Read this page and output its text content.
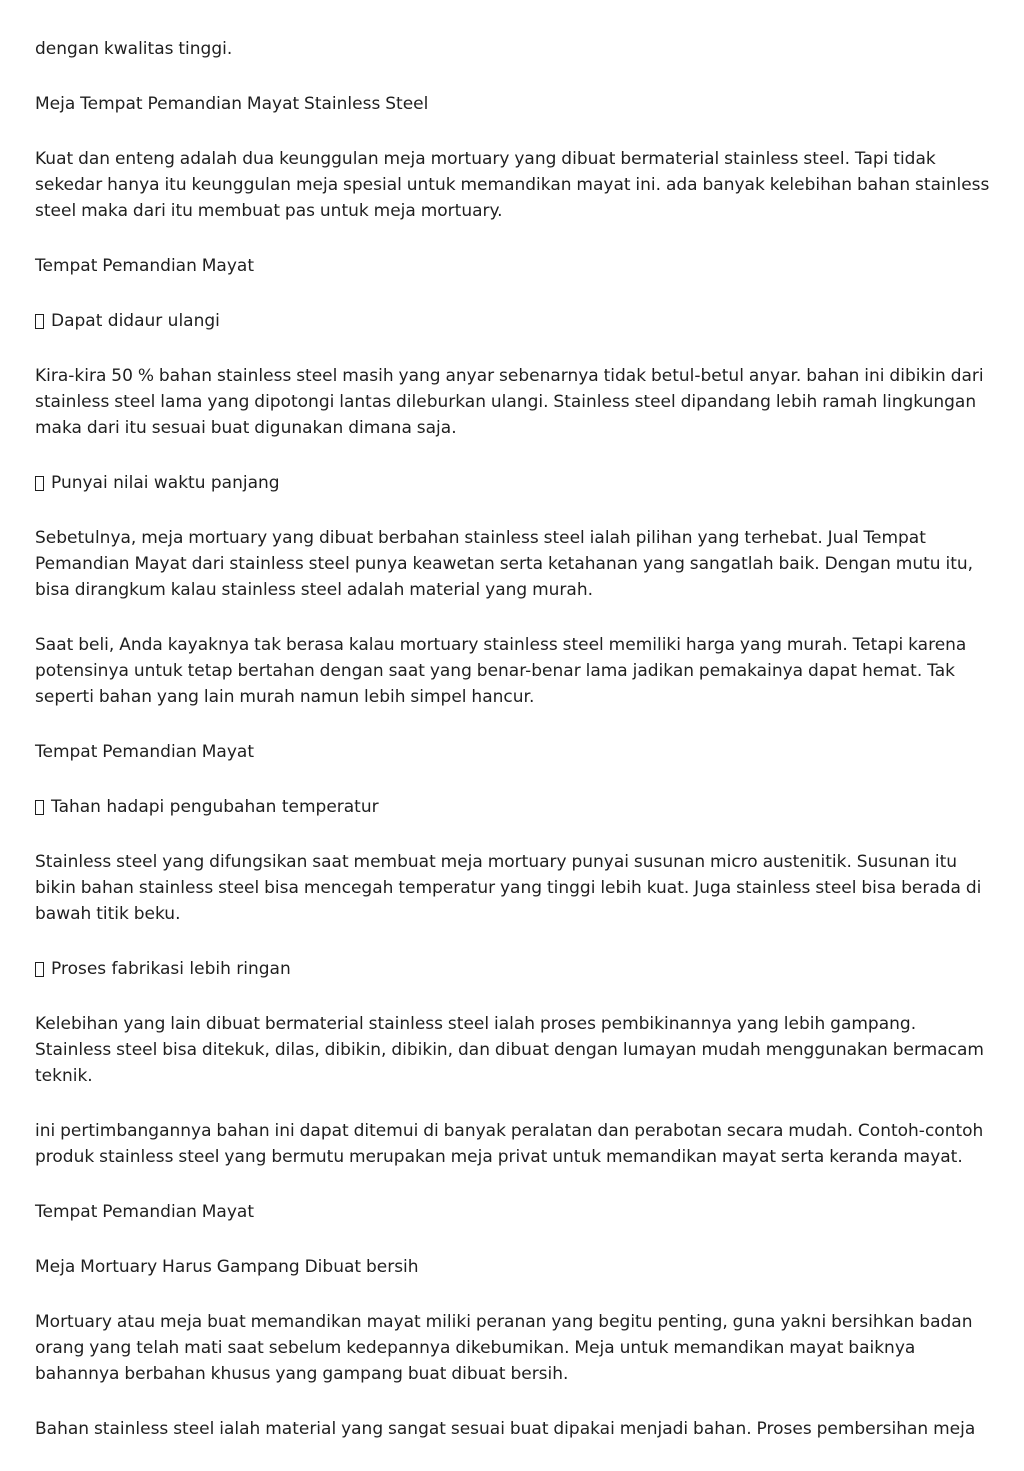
dengan kwalitas tinggi.

Meja Tempat Pemandian Mayat Stainless Steel

Kuat dan enteng adalah dua keunggulan meja mortuary yang dibuat bermaterial stainless steel. Tapi tidak sekedar hanya itu keunggulan meja spesial untuk memandikan mayat ini. ada banyak kelebihan bahan stainless steel maka dari itu membuat pas untuk meja mortuary.

Tempat Pemandian Mayat

Dapat didaur ulangi

Kira-kira 50 % bahan stainless steel masih yang anyar sebenarnya tidak betul-betul anyar. bahan ini dibikin dari stainless steel lama yang dipotongi lantas dileburkan ulangi. Stainless steel dipandang lebih ramah lingkungan maka dari itu sesuai buat digunakan dimana saja.

Punyai nilai waktu panjang

Sebetulnya, meja mortuary yang dibuat berbahan stainless steel ialah pilihan yang terhebat. Jual Tempat Pemandian Mayat dari stainless steel punya keawetan serta ketahanan yang sangatlah baik. Dengan mutu itu, bisa dirangkum kalau stainless steel adalah material yang murah.

Saat beli, Anda kayaknya tak berasa kalau mortuary stainless steel memiliki harga yang murah. Tetapi karena potensinya untuk tetap bertahan dengan saat yang benar-benar lama jadikan pemakainya dapat hemat. Tak seperti bahan yang lain murah namun lebih simpel hancur.

Tempat Pemandian Mayat

Tahan hadapi pengubahan temperatur

Stainless steel yang difungsikan saat membuat meja mortuary punyai susunan micro austenitik. Susunan itu bikin bahan stainless steel bisa mencegah temperatur yang tinggi lebih kuat. Juga stainless steel bisa berada di bawah titik beku.

Proses fabrikasi lebih ringan

Kelebihan yang lain dibuat bermaterial stainless steel ialah proses pembikinannya yang lebih gampang. Stainless steel bisa ditekuk, dilas, dibikin, dibikin, dan dibuat dengan lumayan mudah menggunakan bermacam teknik.

ini pertimbangannya bahan ini dapat ditemui di banyak peralatan dan perabotan secara mudah. Contoh-contoh produk stainless steel yang bermutu merupakan meja privat untuk memandikan mayat serta keranda mayat.

Tempat Pemandian Mayat

Meja Mortuary Harus Gampang Dibuat bersih

Mortuary atau meja buat memandikan mayat miliki peranan yang begitu penting, guna yakni bersihkan badan orang yang telah mati saat sebelum kedepannya dikebumikan. Meja untuk memandikan mayat baiknya bahannya berbahan khusus yang gampang buat dibuat bersih.

Bahan stainless steel ialah material yang sangat sesuai buat dipakai menjadi bahan. Proses pembersihan meja
